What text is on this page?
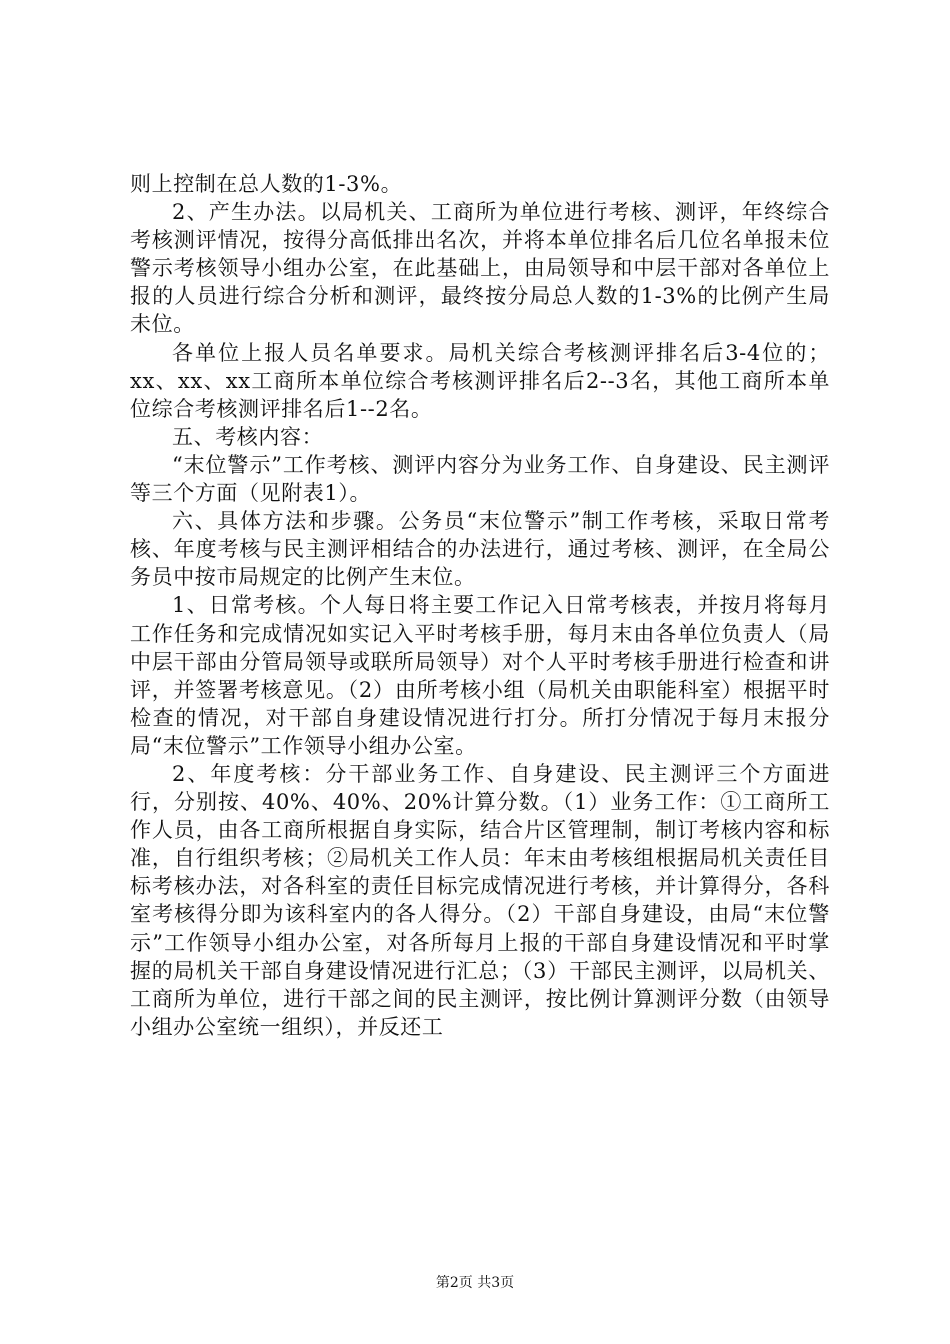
则上控制在总人数的1-3%。

2、产生办法。以局机关、工商所为单位进行考核、测评，年终综合考核测评情况，按得分高低排出名次，并将本单位排名后几位名单报未位警示考核领导小组办公室，在此基础上，由局领导和中层干部对各单位上报的人员进行综合分析和测评，最终按分局总人数的1-3%的比例产生局未位。

各单位上报人员名单要求。局机关综合考核测评排名后3-4位的；xx、xx、xx工商所本单位综合考核测评排名后2--3名，其他工商所本单位综合考核测评排名后1--2名。

五、考核内容：

“末位警示”工作考核、测评内容分为业务工作、自身建设、民主测评等三个方面（见附表1）。

六、具体方法和步骤。公务员“末位警示”制工作考核，采取日常考核、年度考核与民主测评相结合的办法进行，通过考核、测评，在全局公务员中按市局规定的比例产生末位。

1、日常考核。个人每日将主要工作记入日常考核表，并按月将每月工作任务和完成情况如实记入平时考核手册，每月末由各单位负责人（局中层干部由分管局领导或联所局领导）对个人平时考核手册进行检查和讲评，并签署考核意见。（2）由所考核小组（局机关由职能科室）根据平时检查的情况，对干部自身建设情况进行打分。所打分情况于每月末报分局“末位警示”工作领导小组办公室。

2、年度考核：分干部业务工作、自身建设、民主测评三个方面进行，分别按、40%、40%、20%计算分数。（1）业务工作：①工商所工作人员，由各工商所根据自身实际，结合片区管理制，制订考核内容和标准，自行组织考核；②局机关工作人员：年末由考核组根据局机关责任目标考核办法，对各科室的责任目标完成情况进行考核，并计算得分，各科室考核得分即为该科室内的各人得分。（2）干部自身建设，由局“末位警示”工作领导小组办公室，对各所每月上报的干部自身建设情况和平时掌握的局机关干部自身建设情况进行汇总；（3）干部民主测评，以局机关、工商所为单位，进行干部之间的民主测评，按比例计算测评分数（由领导小组办公室统一组织），并反还工

第2页 共3页
